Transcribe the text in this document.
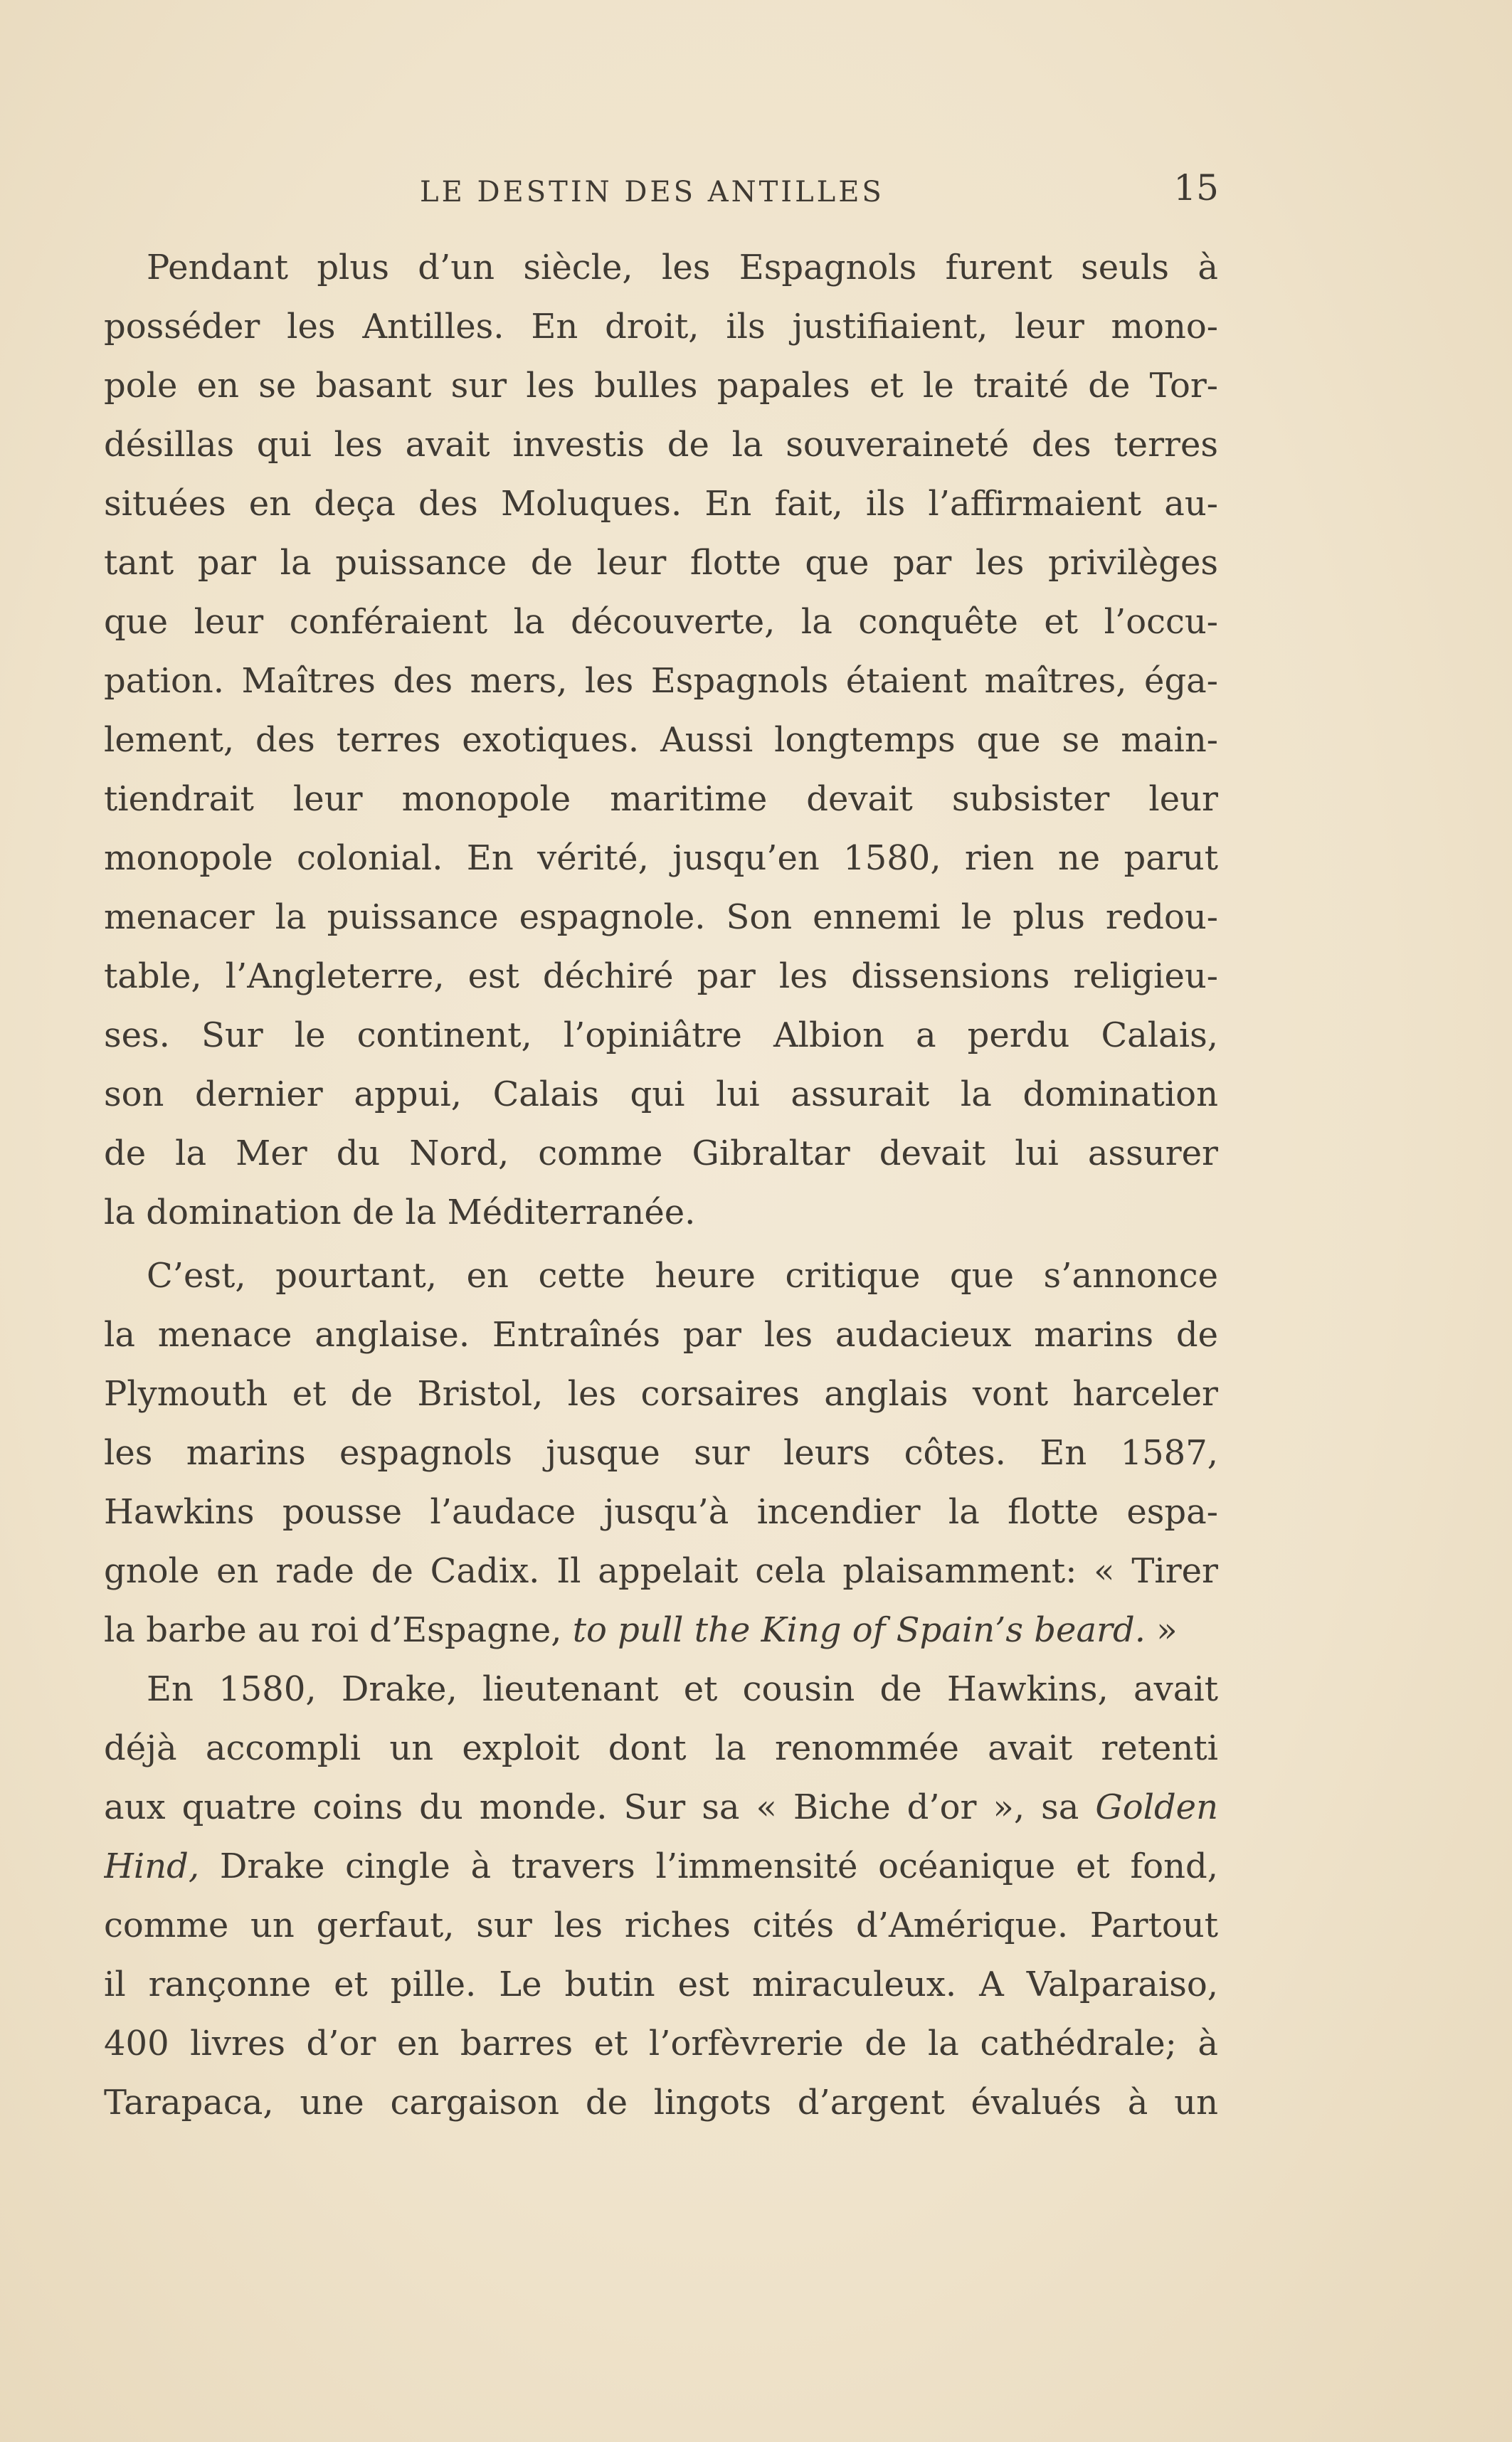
LE DESTIN DES ANTILLES	15
Pendant plus d’un siècle, les Espagnols furent seuls à
posséder les Antilles. En droit, ils justifiaient, leur mono-
pole en se basant sur les bulles papales et le traité de Tor-
désillas qui les avait investis de la souveraineté des terres
situées en deça des Moluques. En fait, ils l’affirmaient au-
tant par la puissance de leur flotte que par les privilèges
que leur conféraient la découverte, la conquête et l’occu-
pation. Maîtres des mers, les Espagnols étaient maîtres, éga-
lement, des terres exotiques. Aussi longtemps que se main-
tiendrait leur monopole maritime devait subsister leur
monopole colonial. En vérité, jusqu’en 1580, rien ne parut
menacer la puissance espagnole. Son ennemi le plus redou-
table, l’Angleterre, est déchiré par les dissensions religieu-
ses. Sur le continent, l’opiniâtre Albion a perdu Calais,
son dernier appui, Calais qui lui assurait la domination
de la Mer du Nord, comme Gibraltar devait lui assurer
la domination de la Méditerranée.
C’est, pourtant, en cette heure critique que s’annonce
la menace anglaise. Entraînés par les audacieux marins de
Plymouth et de Bristol, les corsaires anglais vont harceler
les marins espagnols jusque sur leurs côtes. En 1587,
Hawkins pousse l’audace jusqu’à incendier la flotte espa-
gnole en rade de Cadix. Il appelait cela plaisamment: « Tirer
la barbe au roi d’Espagne, to pull the King of Spain’s beard. »
En 1580, Drake, lieutenant et cousin de Hawkins, avait
déjà accompli un exploit dont la renommée avait retenti
aux quatre coins du monde. Sur sa « Biche d’or », sa Golden
Hind, Drake cingle à travers l’immensité océanique et fond,
comme un gerfaut, sur les riches cités d’Amérique. Partout
il rançonne et pille. Le butin est miraculeux. A Valparaiso,
400 livres d’or en barres et l’orfèvrerie de la cathédrale; à
Tarapaca, une cargaison de lingots d’argent évalués à un
